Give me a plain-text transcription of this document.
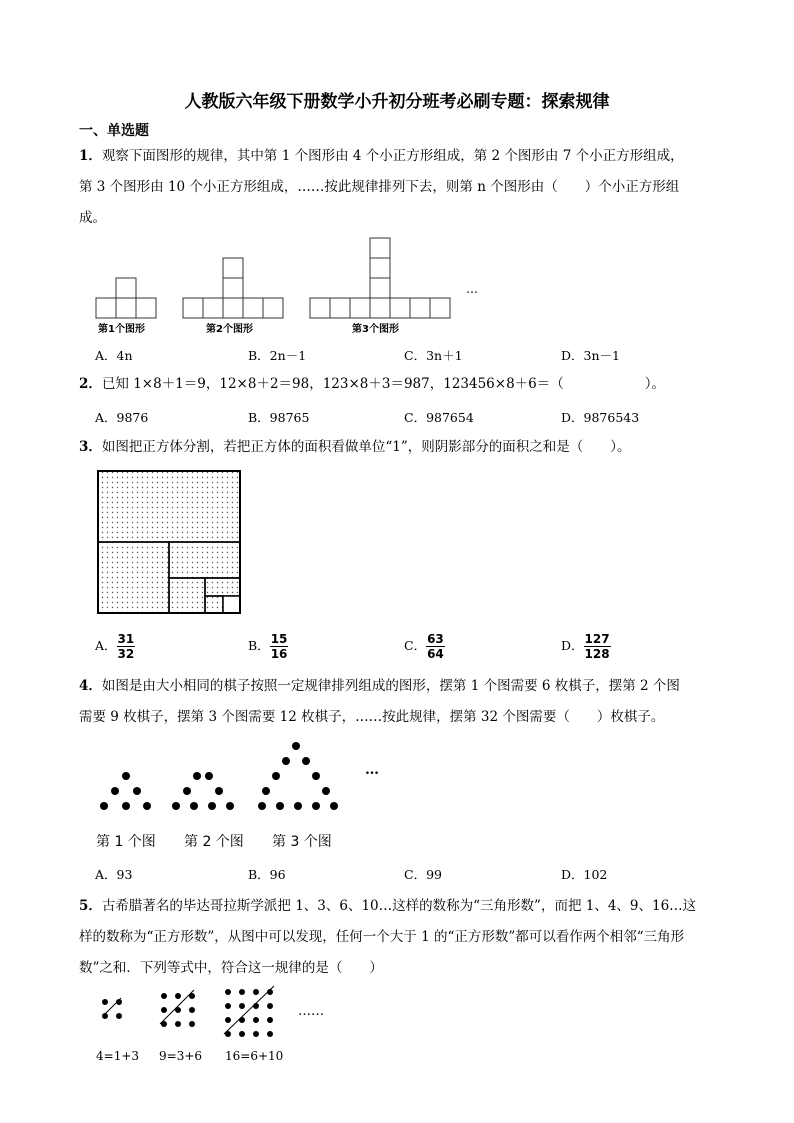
人教版六年级下册数学小升初分班考必刷专题：探索规律
一、单选题
1．观察下面图形的规律，其中第 1 个图形由 4 个小正方形组成，第 2 个图形由 7 个小正方形组成，
第 3 个图形由 10 个小正方形组成，……按此规律排列下去，则第 n 个图形由（　　）个小正方形组
成。
…
第1个图形	第2个图形	第3个图形
A．4n	B．2n－1	C．3n＋1	D．3n－1
2．已知 1×8＋1＝9，12×8＋2＝98，123×8＋3＝987，123456×8＋6＝（　　　　　　）。
A．9876	B．98765	C．987654	D．9876543
3．如图把正方体分割，若把正方体的面积看做单位“1”，则阴影部分的面积之和是（　　）。
A． $\frac{31}{32}$	B． $\frac{15}{16}$	C． $\frac{63}{64}$	D． $\frac{127}{128}$
4．如图是由大小相同的棋子按照一定规律排列组成的图形，摆第 1 个图需要 6 枚棋子，摆第 2 个图
需要 9 枚棋子，摆第 3 个图需要 12 枚棋子，……按此规律，摆第 32 个图需要（　　）枚棋子。
…
第 1 个图 第 2 个图 第 3 个图
A．93	B．96	C．99	D．102
5．古希腊著名的毕达哥拉斯学派把 1、3、6、10…这样的数称为“三角形数”，而把 1、4、9、16…这
样的数称为“正方形数”，从图中可以发现，任何一个大于 1 的“正方形数”都可以看作两个相邻“三角形
数”之和．下列等式中，符合这一规律的是（　　）
……
4=1+3 9=3+6 16=6+10
